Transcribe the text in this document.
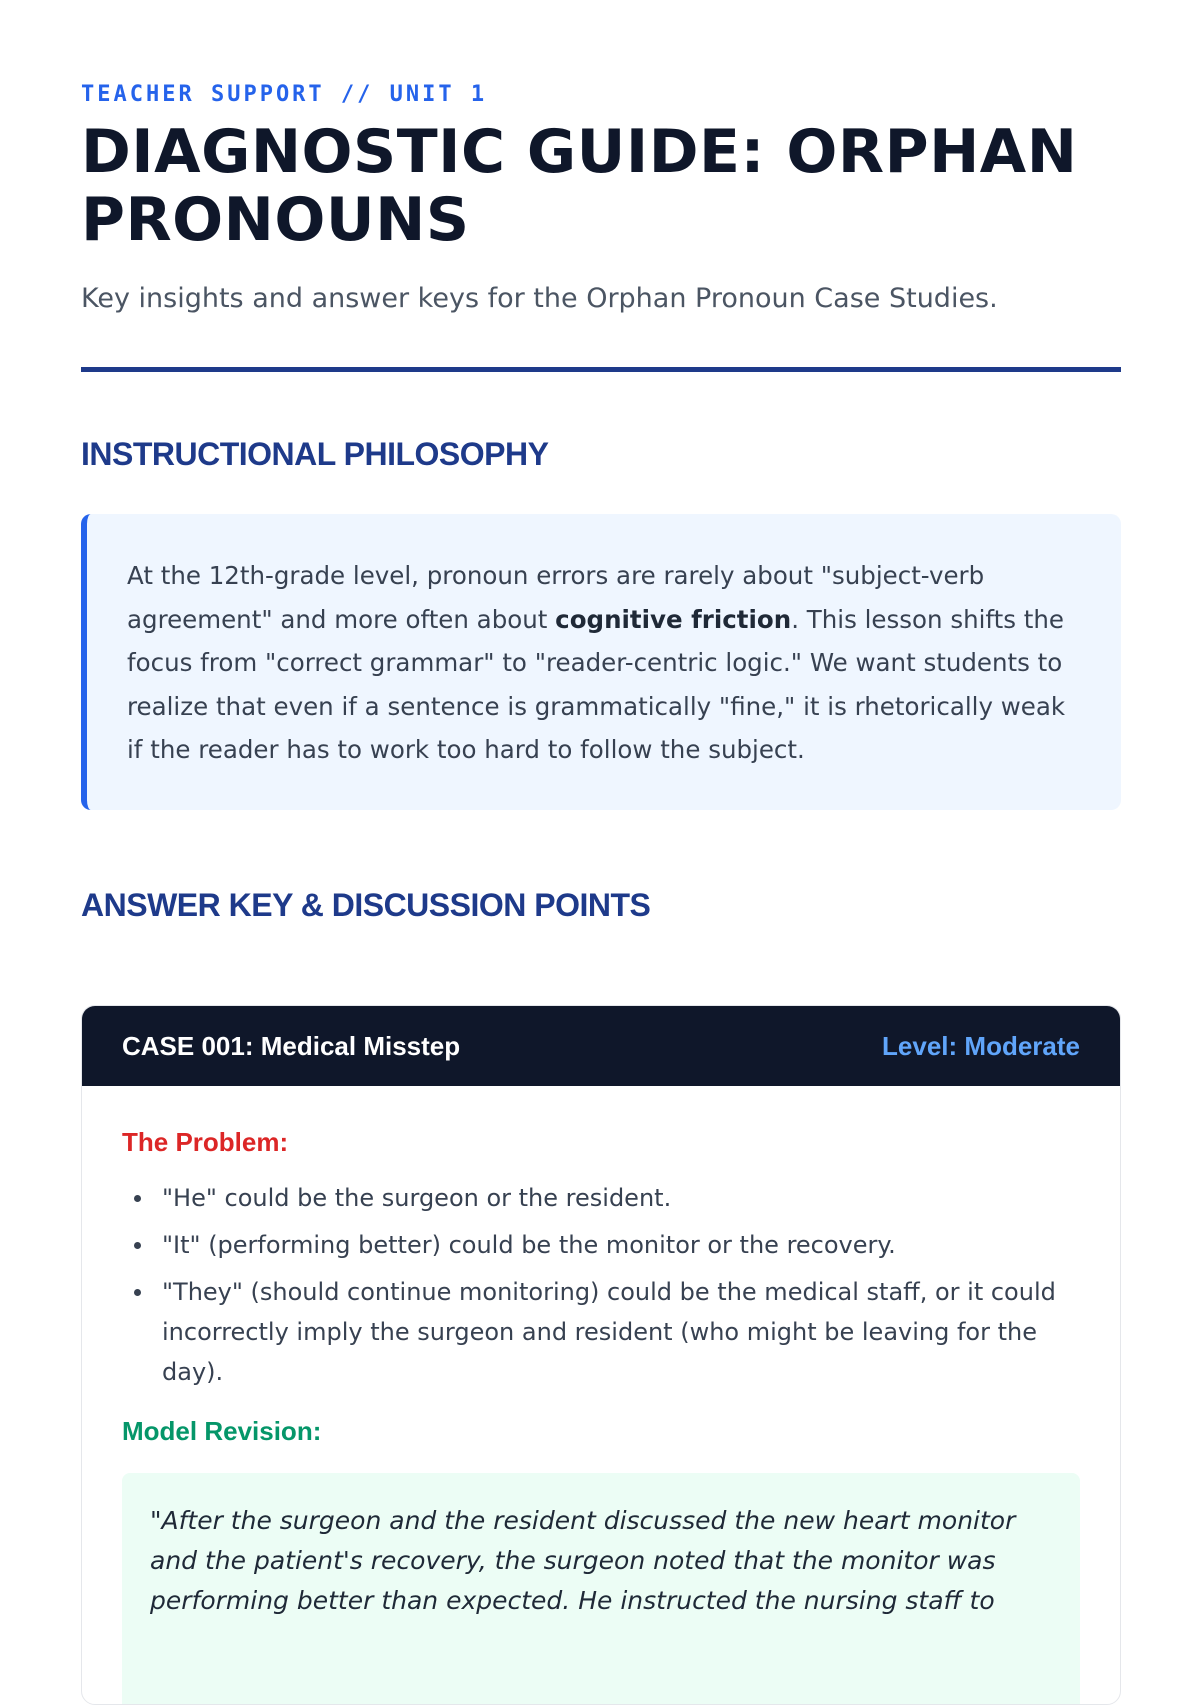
TEACHER SUPPORT // UNIT 1
DIAGNOSTIC GUIDE: ORPHAN PRONOUNS

Key insights and answer keys for the Orphan Pronoun Case Studies.

INSTRUCTIONAL PHILOSOPHY

At the 12th-grade level, pronoun errors are rarely about "subject-verb agreement" and more often about cognitive friction. This lesson shifts the focus from "correct grammar" to "reader-centric logic." We want students to realize that even if a sentence is grammatically "fine," it is rhetorically weak if the reader has to work too hard to follow the subject.

ANSWER KEY & DISCUSSION POINTS
CASE 001: Medical Misstep	Level: Moderate
The Problem:
"He" could be the surgeon or the resident.
"It" (performing better) could be the monitor or the recovery.
"They" (should continue monitoring) could be the medical staff, or it could incorrectly imply the surgeon and resident (who might be leaving for the day).
Model Revision:

"After the surgeon and the resident discussed the new heart monitor and the patient's recovery, the surgeon noted that the monitor was performing better than expected. He instructed the nursing staff to
